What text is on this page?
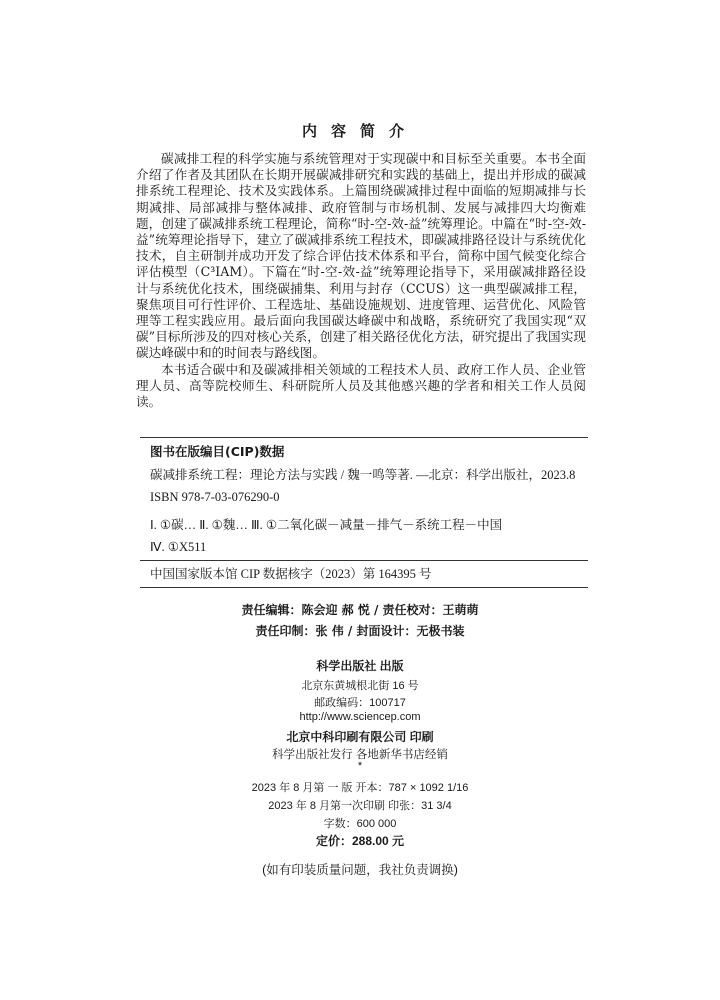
内容简介

碳减排工程的科学实施与系统管理对于实现碳中和目标至关重要。本书全面介绍了作者及其团队在长期开展碳减排研究和实践的基础上，提出并形成的碳减排系统工程理论、技术及实践体系。上篇围绕碳减排过程中面临的短期减排与长期减排、局部减排与整体减排、政府管制与市场机制、发展与减排四大均衡难题，创建了碳减排系统工程理论，简称“时-空-效-益”统筹理论。中篇在“时-空-效-益”统筹理论指导下，建立了碳减排系统工程技术，即碳减排路径设计与系统优化技术，自主研制并成功开发了综合评估技术体系和平台，简称中国气候变化综合评估模型（C³IAM）。下篇在“时-空-效-益”统筹理论指导下，采用碳减排路径设计与系统优化技术，围绕碳捕集、利用与封存（CCUS）这一典型碳减排工程，聚焦项目可行性评价、工程选址、基础设施规划、进度管理、运营优化、风险管理等工程实践应用。最后面向我国碳达峰碳中和战略，系统研究了我国实现“双碳”目标所涉及的四对核心关系，创建了相关路径优化方法，研究提出了我国实现碳达峰碳中和的时间表与路线图。

本书适合碳中和及碳减排相关领域的工程技术人员、政府工作人员、企业管理人员、高等院校师生、科研院所人员及其他感兴趣的学者和相关工作人员阅读。

图书在版编目(CIP)数据
碳减排系统工程：理论方法与实践 / 魏一鸣等著. —北京：科学出版社，2023.8
ISBN 978-7-03-076290-0
Ⅰ. ①碳… Ⅱ. ①魏… Ⅲ. ①二氧化碳－减量－排气－系统工程－中国
Ⅳ. ①X511
中国国家版本馆 CIP 数据核字（2023）第 164395 号
责任编辑：陈会迎 郝 悦 / 责任校对：王萌萌
责任印制：张 伟 / 封面设计：无极书装
科学出版社 出版
北京东黄城根北街 16 号
邮政编码：100717
http://www.sciencep.com
北京中科印刷有限公司 印刷
科学出版社发行 各地新华书店经销
*
2023 年 8 月第 一 版 开本：787 × 1092 1/16
2023 年 8 月第一次印刷 印张：31 3/4
字数：600 000
定价：288.00 元
(如有印装质量问题，我社负责调换)
